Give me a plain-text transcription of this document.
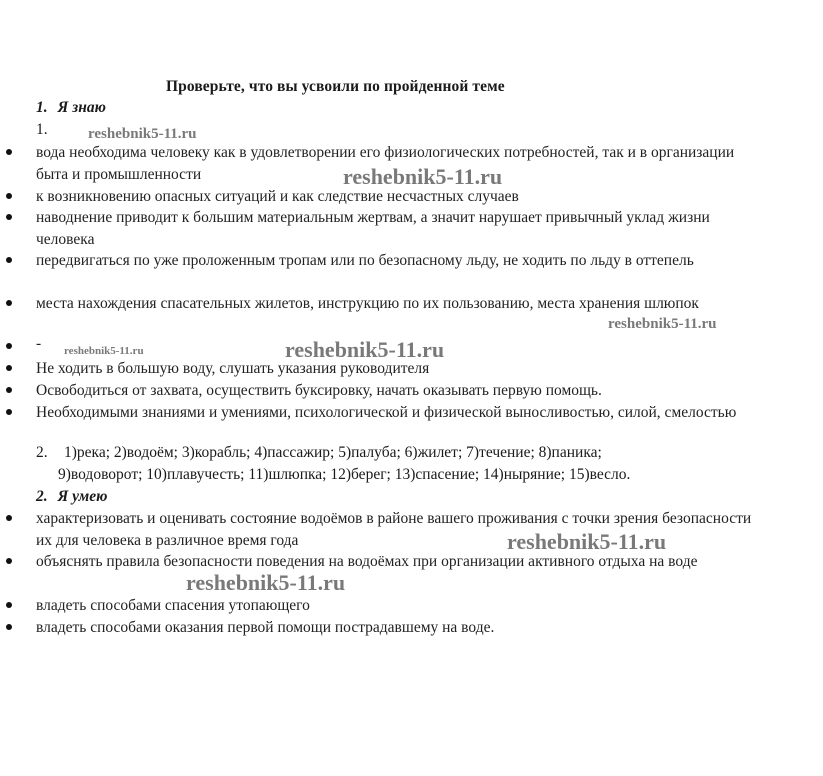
Проверьте, что вы усвоили по пройденной теме
1. Я знаю
1.
вода необходима человеку как в удовлетворении его физиологических потребностей, так и в организации быта и промышленности
к возникновению опасных ситуаций и как следствие несчастных случаев
наводнение приводит к большим материальным жертвам, а значит нарушает привычный уклад жизни человека
передвигаться по уже проложенным тропам или по безопасному льду, не ходить по льду в оттепель
места нахождения спасательных жилетов, инструкцию по их пользованию, места хранения шлюпок
-
Не ходить в большую воду, слушать указания руководителя
Освободиться от захвата, осуществить буксировку, начать оказывать первую помощь.
Необходимыми знаниями и умениями, психологической и физической выносливостью, силой, смелостью
2. 1)река; 2)водоём; 3)корабль; 4)пассажир; 5)палуба; 6)жилет; 7)течение; 8)паника;
9)водоворот; 10)плавучесть; 11)шлюпка; 12)берег; 13)спасение; 14)ныряние; 15)весло.
2. Я умею
характеризовать и оценивать состояние водоёмов в районе вашего проживания с точки зрения безопасности их для человека в различное время года
объяснять правила безопасности поведения на водоёмах при организации активного отдыха на воде
владеть способами спасения утопающего
владеть способами оказания первой помощи пострадавшему на воде.
reshebnik5-11.ru
reshebnik5-11.ru
reshebnik5-11.ru
reshebnik5-11.ru	reshebnik5-11.ru
reshebnik5-11.ru
reshebnik5-11.ru
